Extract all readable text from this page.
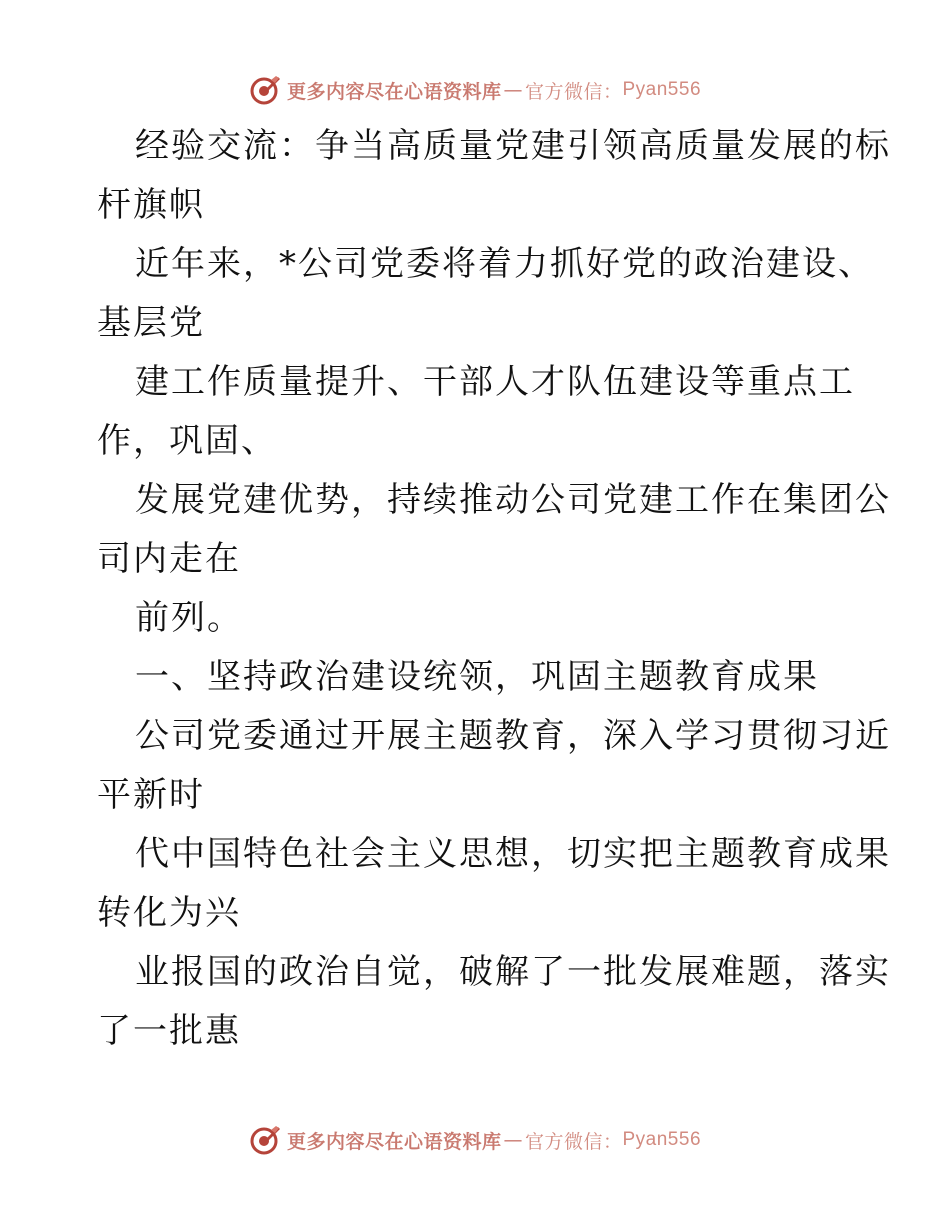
更多内容尽在心语资料库 — 官方微信： Pyan556
经验交流：争当高质量党建引领高质量发展的标
杆旗帜
近年来，*公司党委将着力抓好党的政治建设、
基层党
建工作质量提升、干部人才队伍建设等重点工
作，巩固、
发展党建优势，持续推动公司党建工作在集团公
司内走在
前列。
一、坚持政治建设统领，巩固主题教育成果
公司党委通过开展主题教育，深入学习贯彻习近
平新时
代中国特色社会主义思想，切实把主题教育成果
转化为兴
业报国的政治自觉，破解了一批发展难题，落实
了一批惠
更多内容尽在心语资料库 — 官方微信： Pyan556
